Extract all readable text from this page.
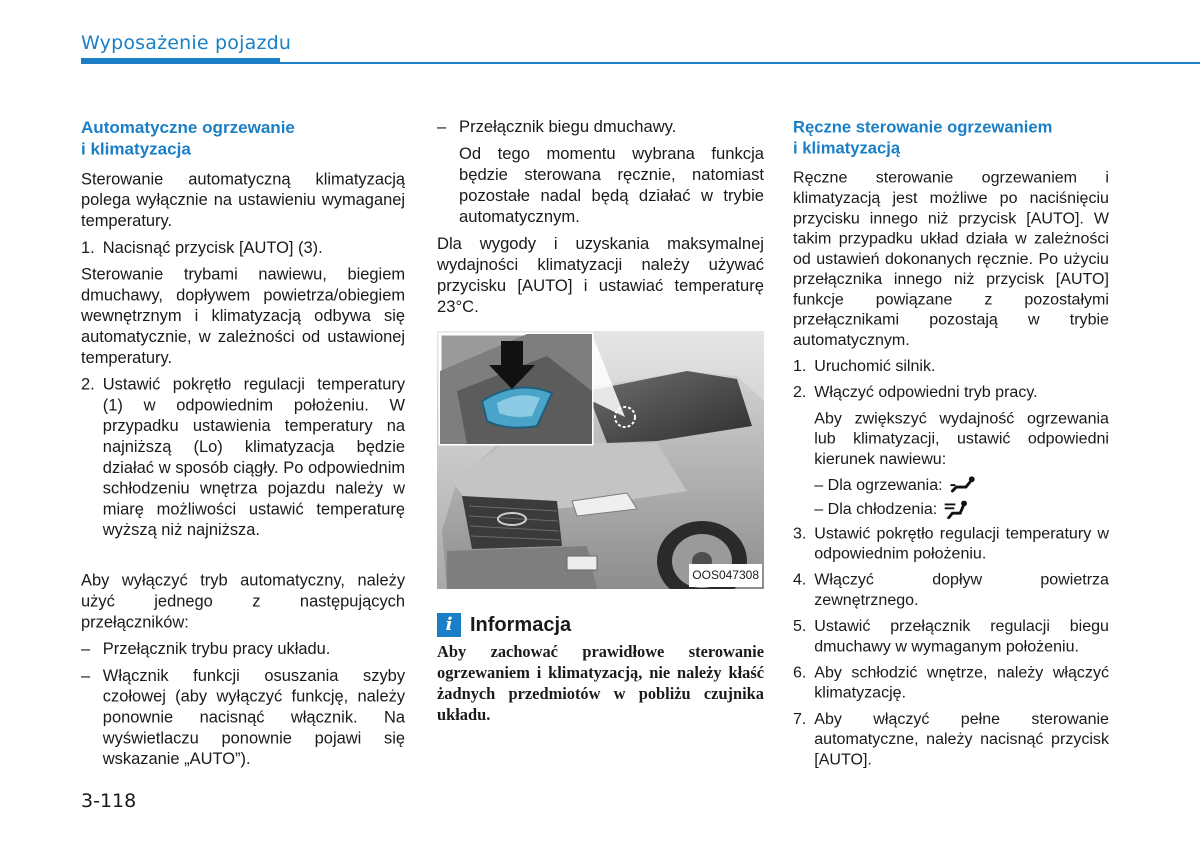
Wyposażenie pojazdu
Automatyczne ogrzewanie
i klimatyzacja

Sterowanie automatyczną klimatyzacją polega wyłącznie na ustawieniu wymaganej temperatury.

1. Nacisnąć przycisk [AUTO] (3).

Sterowanie trybami nawiewu, biegiem dmuchawy, dopływem powietrza/obiegiem wewnętrznym i klimatyzacją odbywa się automatycznie, w zależności od ustawionej temperatury.

2. Ustawić pokrętło regulacji temperatury (1) w odpowiednim położeniu. W przypadku ustawienia temperatury na najniższą (Lo) klimatyzacja będzie działać w sposób ciągły. Po odpowiednim schłodzeniu wnętrza pojazdu należy w miarę możliwości ustawić temperaturę wyższą niż najniższa.

Aby wyłączyć tryb automatyczny, należy użyć jednego z następujących przełączników:

– Przełącznik trybu pracy układu.
– Włącznik funkcji osuszania szyby czołowej (aby wyłączyć funkcję, należy ponownie nacisnąć włącznik. Na wyświetlaczu ponownie pojawi się wskazanie „AUTO”).
– Przełącznik biegu dmuchawy.

Od tego momentu wybrana funkcja będzie sterowana ręcznie, natomiast pozostałe nadal będą działać w trybie automatycznym.

Dla wygody i uzyskania maksymalnej wydajności klimatyzacji należy używać przycisku [AUTO] i ustawiać temperaturę 23°C.

OOS047308
i Informacja
Aby zachować prawidłowe sterowanie ogrzewaniem i klimatyzacją, nie należy kłaść żadnych przedmiotów w pobliżu czujnika układu.
Ręczne sterowanie ogrzewaniem
i klimatyzacją

Ręczne sterowanie ogrzewaniem i klimatyzacją jest możliwe po naciśnięciu przycisku innego niż przycisk [AUTO]. W takim przypadku układ działa w zależności od ustawień dokonanych ręcznie. Po użyciu przełącznika innego niż przycisk [AUTO] funkcje powiązane z pozostałymi przełącznikami pozostają w trybie automatycznym.

1. Uruchomić silnik.
2. Włączyć odpowiedni tryb pracy.

Aby zwiększyć wydajność ogrzewania lub klimatyzacji, ustawić odpowiedni kierunek nawiewu:

– Dla ogrzewania:
– Dla chłodzenia:
3. Ustawić pokrętło regulacji temperatury w odpowiednim położeniu.
4. Włączyć dopływ powietrza zewnętrznego.
5. Ustawić przełącznik regulacji biegu dmuchawy w wymaganym położeniu.
6. Aby schłodzić wnętrze, należy włączyć klimatyzację.
7. Aby włączyć pełne sterowanie automatyczne, należy nacisnąć przycisk [AUTO].
3-118
